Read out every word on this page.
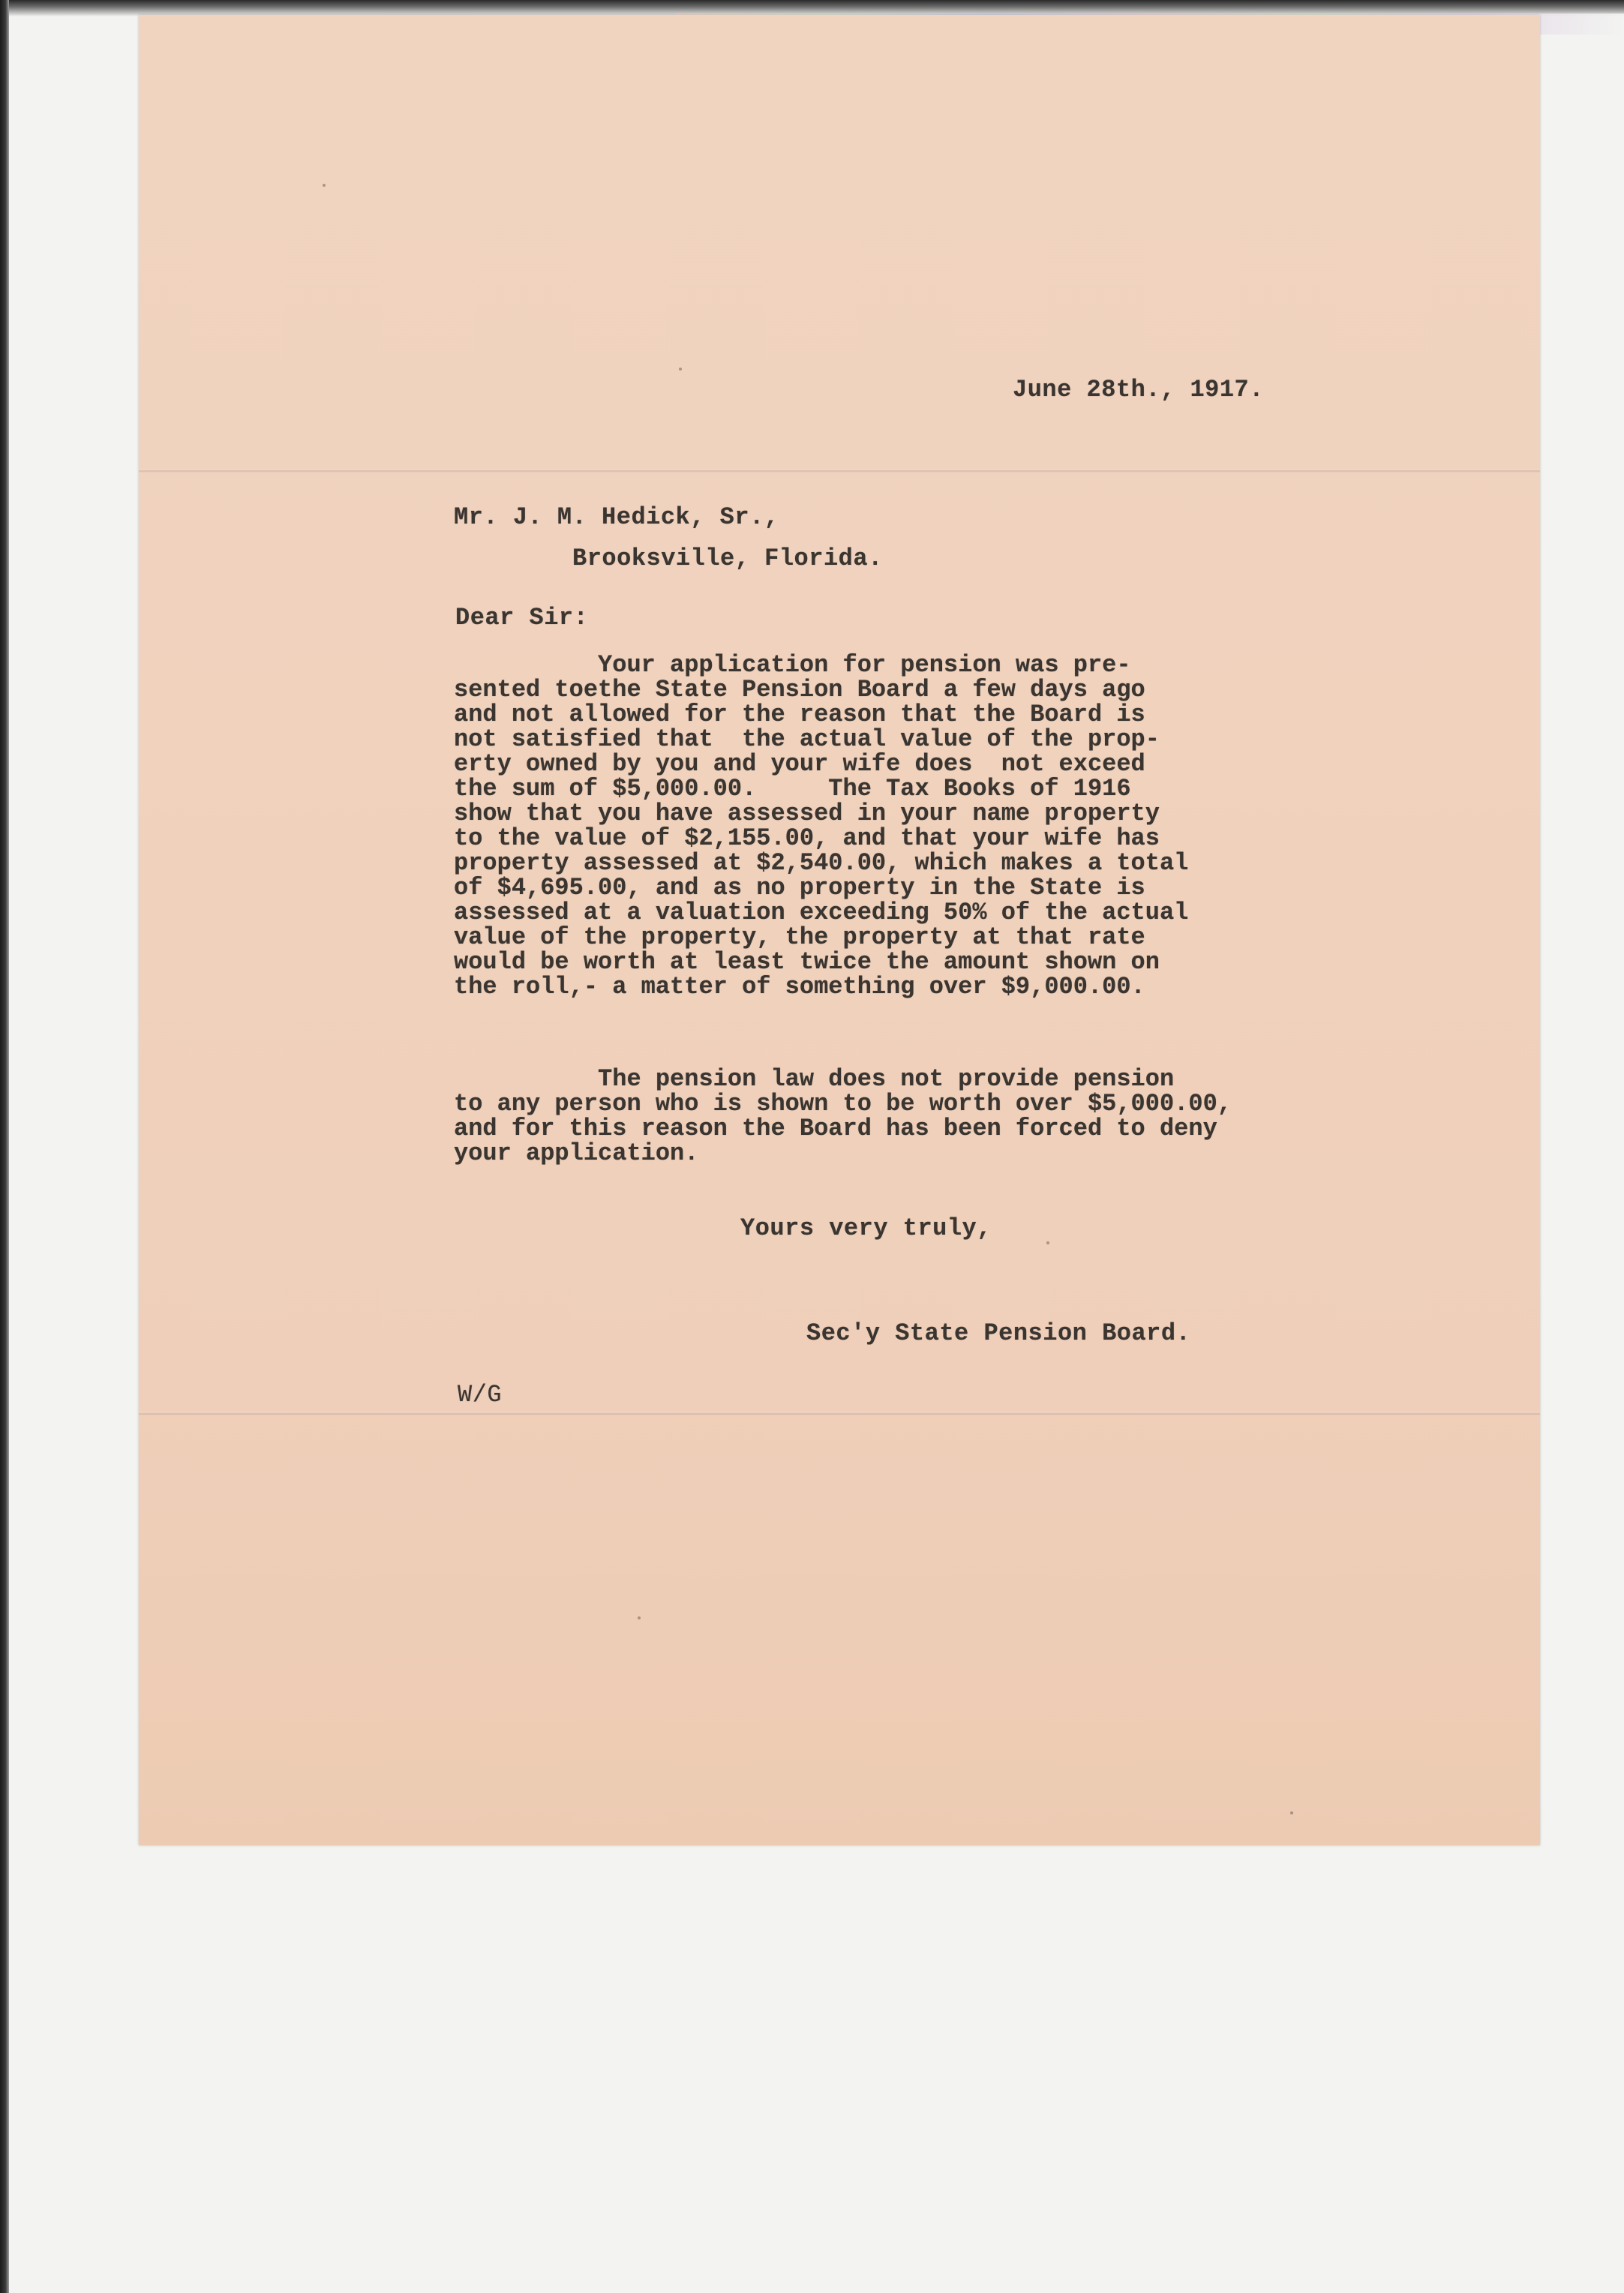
June 28th., 1917.
Mr. J. M. Hedick, Sr.,
Brooksville, Florida.
Dear Sir:
Your application for pension was pre-
sented toethe State Pension Board a few days ago
and not allowed for the reason that the Board is
not satisfied that  the actual value of the prop-
erty owned by you and your wife does  not exceed
the sum of $5,000.00.     The Tax Books of 1916
show that you have assessed in your name property
to the value of $2,155.00, and that your wife has
property assessed at $2,540.00, which makes a total
of $4,695.00, and as no property in the State is
assessed at a valuation exceeding 50% of the actual
value of the property, the property at that rate
would be worth at least twice the amount shown on
the roll,- a matter of something over $9,000.00.
The pension law does not provide pension
to any person who is shown to be worth over $5,000.00,
and for this reason the Board has been forced to deny
your application.
Yours very truly,
Sec'y State Pension Board.
W/G
